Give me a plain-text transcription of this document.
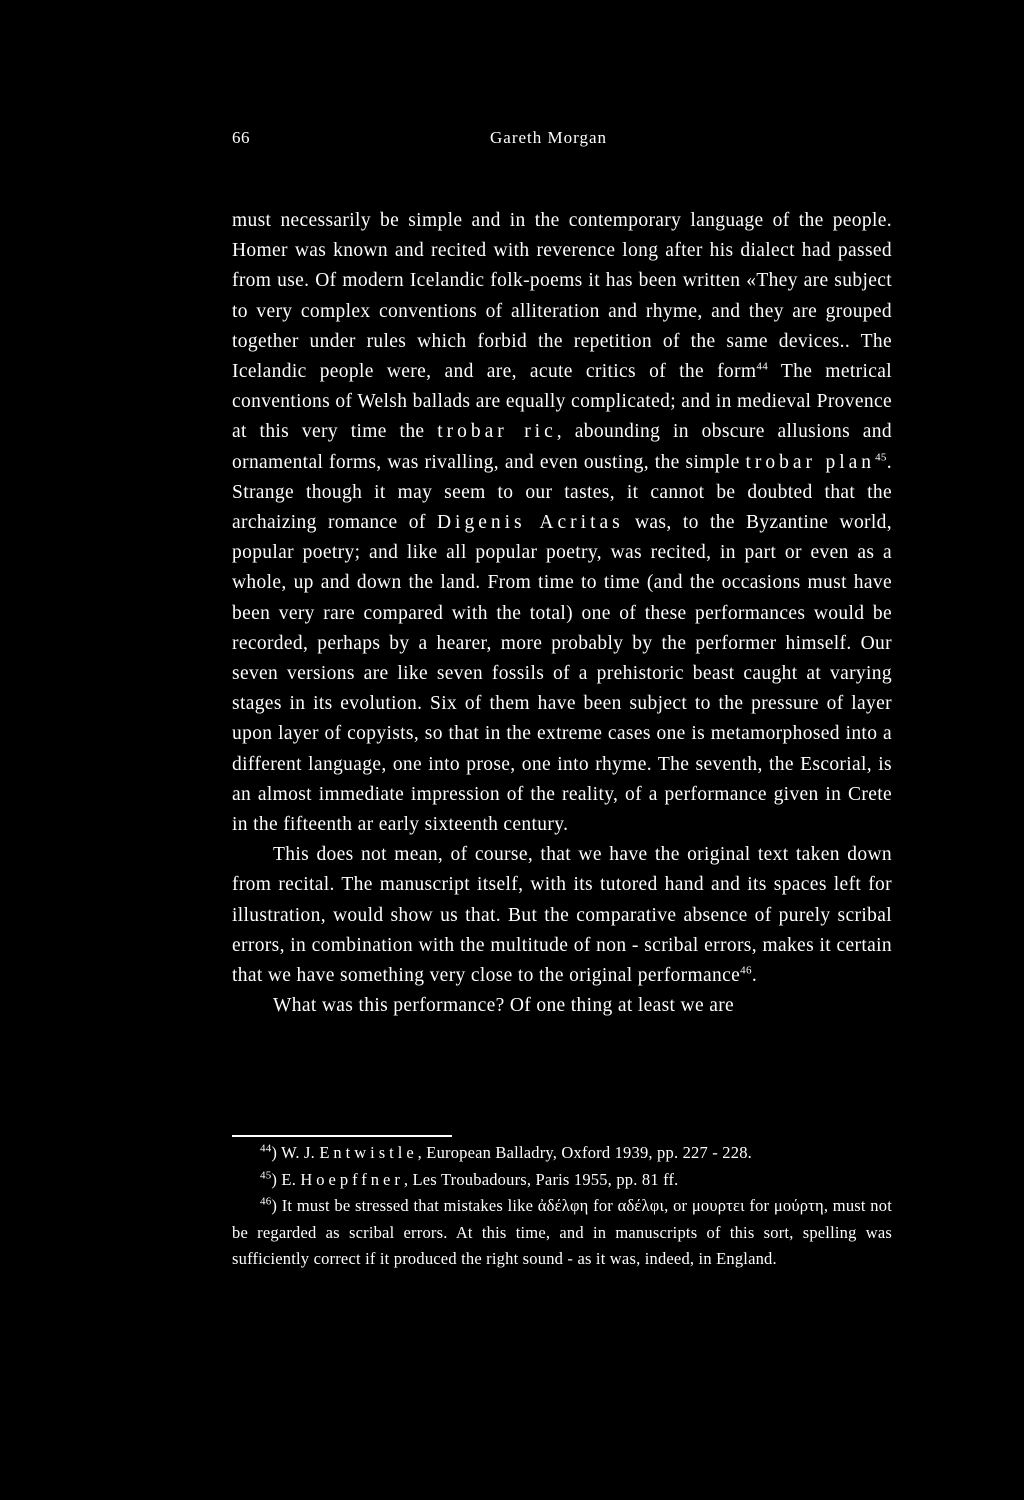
66	Gareth Morgan

must necessarily be simple and in the contemporary language of the people. Homer was known and recited with reverence long after his dialect had passed from use. Of modern Icelandic folk-poems it has been written «They are subject to very complex conventions of alliteration and rhyme, and they are grouped together under rules which forbid the repetition of the same devices.. The Icelandic people were, and are, acute critics of the form$^{44}$ The metrical conventions of Welsh ballads are equally complicated; and in medieval Provence at this very time the trobar ric, abounding in obscure allusions and ornamental forms, was rivalling, and even ousting, the simple trobar plan$^{45}$. Strange though it may seem to our tastes, it cannot be doubted that the archaizing romance of Digenis Acritas was, to the Byzantine world, popular poetry; and like all popular poetry, was recited, in part or even as a whole, up and down the land. From time to time (and the occasions must have been very rare compared with the total) one of these performances would be recorded, perhaps by a hearer, more probably by the performer himself. Our seven versions are like seven fossils of a prehistoric beast caught at varying stages in its evolution. Six of them have been subject to the pressure of layer upon layer of copyists, so that in the extreme cases one is metamorphosed into a different language, one into prose, one into rhyme. The seventh, the Escorial, is an almost immediate impression of the reality, of a performance given in Crete in the fifteenth ar early sixteenth century.

This does not mean, of course, that we have the original text taken down from recital. The manuscript itself, with its tutored hand and its spaces left for illustration, would show us that. But the comparative absence of purely scribal errors, in combination with the multitude of non - scribal errors, makes it certain that we have something very close to the original performance$^{46}$.

What was this performance? Of one thing at least we are

$^{44}$) W. J. Entwistle, European Balladry, Oxford 1939, pp. 227 - 228.

$^{45}$) E. Hoepffner, Les Troubadours, Paris 1955, pp. 81 ff.

$^{46}$) It must be stressed that mistakes like ἀδέλφη for αδέλφι, or μουρτει for μούρτη, must not be regarded as scribal errors. At this time, and in manuscripts of this sort, spelling was sufficiently correct if it produced the right sound - as it was, indeed, in England.
